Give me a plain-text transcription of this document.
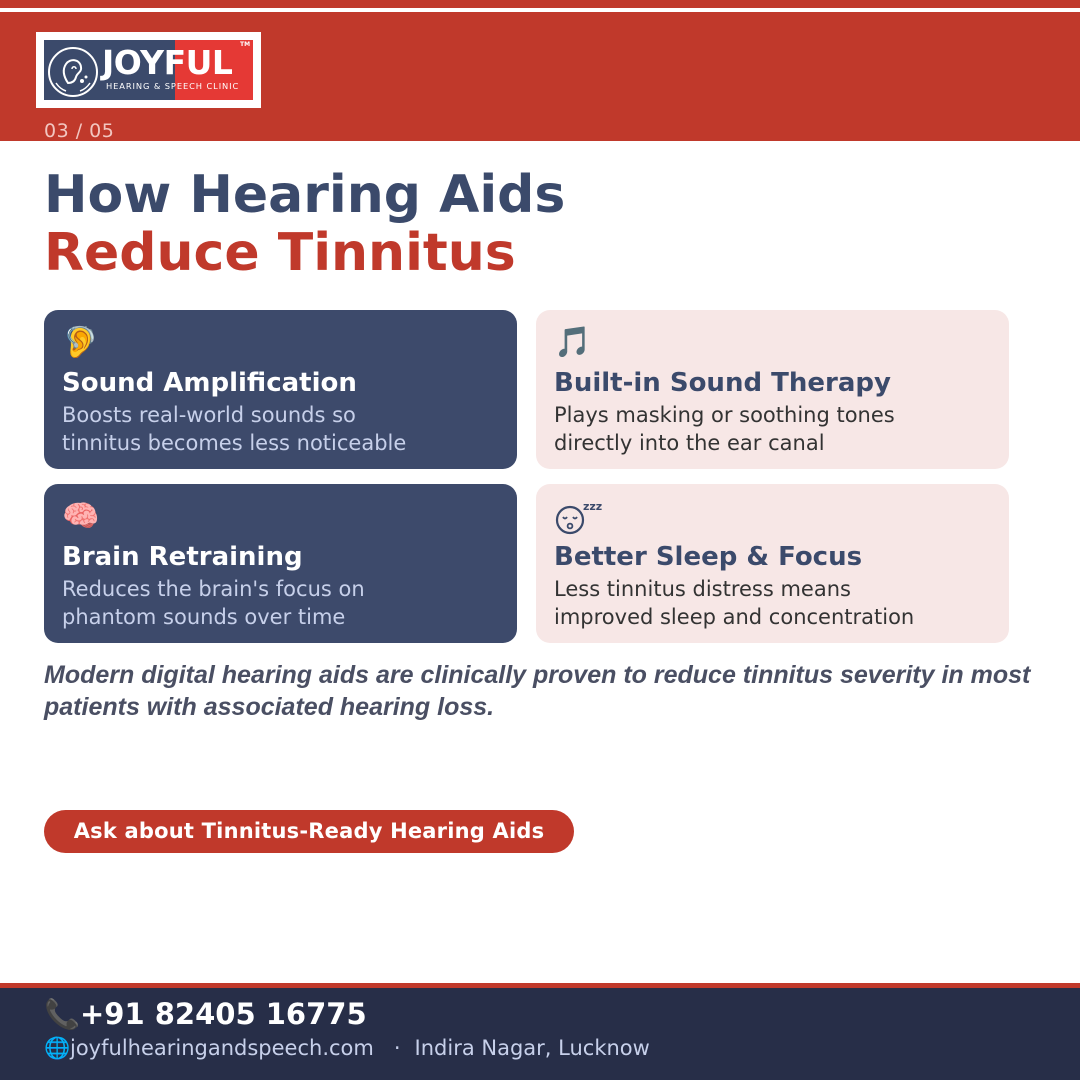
JOYFUL TM
HEARING & SPEECH CLINIC
03 / 05
How Hearing Aids
Reduce Tinnitus
🦻
Sound Amplification
Boosts real-world sounds so
tinnitus becomes less noticeable
🎵
Built-in Sound Therapy
Plays masking or soothing tones
directly into the ear canal
🧠
Brain Retraining
Reduces the brain's focus on
phantom sounds over time
zzz
Better Sleep & Focus
Less tinnitus distress means
improved sleep and concentration
Modern digital hearing aids are clinically proven to reduce tinnitus severity in most patients with associated hearing loss.
Ask about Tinnitus-Ready Hearing Aids
📞+91 82405 16775
🌐joyfulhearingandspeech.com · Indira Nagar, Lucknow
